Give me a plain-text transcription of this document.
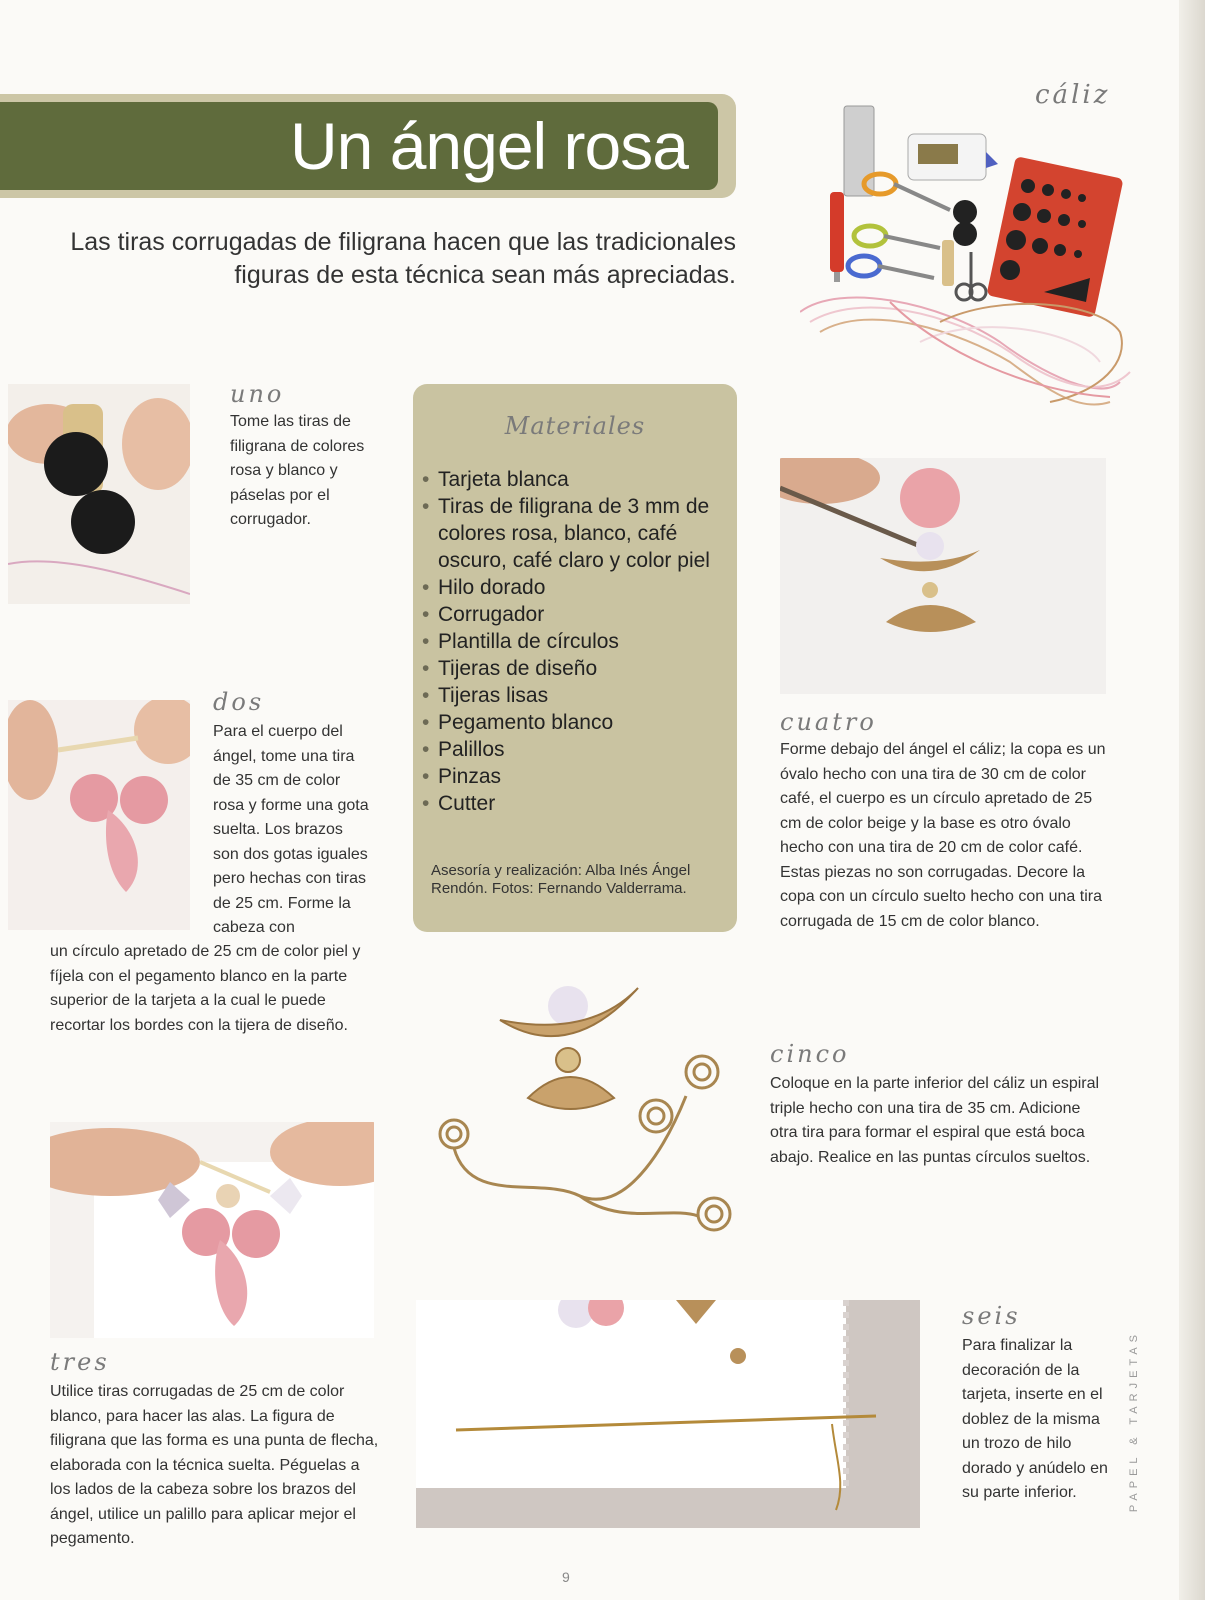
Un ángel rosa
Las tiras corrugadas de filigrana hacen que las tradicionales
figuras de esta técnica sean más apreciadas.
cáliz
uno
Tome las tiras de filigrana de colores rosa y blanco y páselas por el corrugador.
dos
Para el cuerpo del ángel, tome una tira de 35 cm de color rosa y forme una gota suelta. Los brazos son dos gotas iguales pero hechas con tiras de 25 cm. Forme la cabeza con
un círculo apretado de 25 cm de color piel y fíjela con el pegamento blanco en la parte superior de la tarjeta a la cual le puede recortar los bordes con la tijera de diseño.
Materiales
• Tarjeta blanca
• Tiras de filigrana de 3 mm de colores rosa, blanco, café oscuro, café claro y color piel
• Hilo dorado
• Corrugador
• Plantilla de círculos
• Tijeras de diseño
• Tijeras lisas
• Pegamento blanco
• Palillos
• Pinzas
• Cutter
Asesoría y realización: Alba Inés Ángel Rendón. Fotos: Fernando Valderrama.
cuatro
Forme debajo del ángel el cáliz; la copa es un óvalo hecho con una tira de 30 cm de color café, el cuerpo es un círculo apretado de 25 cm de color beige y la base es otro óvalo hecho con una tira de 20 cm de color café. Estas piezas no son corrugadas. Decore la copa con un círculo suelto hecho con una tira corrugada de 15 cm de color blanco.
cinco
Coloque en la parte inferior del cáliz un espiral triple hecho con una tira de 35 cm. Adicione otra tira para formar el espiral que está boca abajo. Realice en las puntas círculos sueltos.
tres
Utilice tiras corrugadas de 25 cm de color blanco, para hacer las alas. La figura de filigrana que las forma es una punta de flecha, elaborada con la técnica suelta. Péguelas a los lados de la cabeza sobre los brazos del ángel, utilice un palillo para aplicar mejor el pegamento.
seis
Para finalizar la decoración de la tarjeta, inserte en el doblez de la misma un trozo de hilo dorado y anúdelo en su parte inferior.	PAPEL & TARJETAS
9
